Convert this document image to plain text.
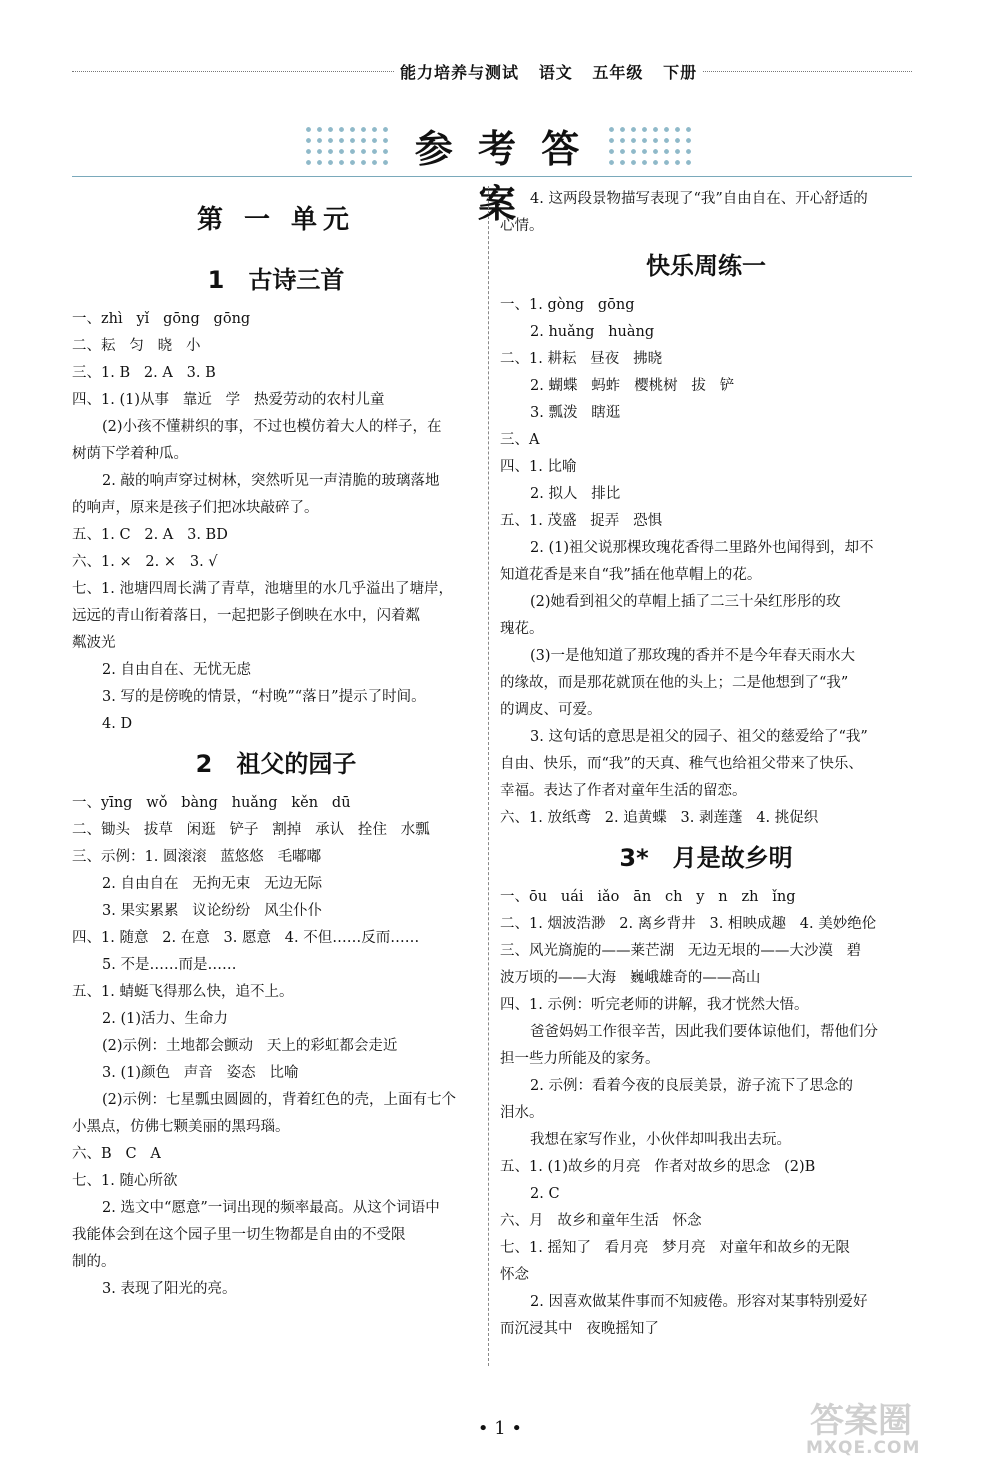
能力培养与测试   语文   五年级   下册
参 考 答 案
第 一 单元
1　古诗三首

一、zhì   yǐ   gōng   gōng

二、耘   匀   晓   小

三、1. B   2. A   3. B

四、1. (1)从事   靠近   学   热爱劳动的农村儿童

(2)小孩不懂耕织的事，不过也模仿着大人的样子，在

树荫下学着种瓜。

2. 敲的响声穿过树林，突然听见一声清脆的玻璃落地

的响声，原来是孩子们把冰块敲碎了。

五、1. C   2. A   3. BD

六、1. ×   2. ×   3. √

七、1. 池塘四周长满了青草，池塘里的水几乎溢出了塘岸，

远远的青山衔着落日，一起把影子倒映在水中，闪着粼

粼波光

2. 自由自在、无忧无虑

3. 写的是傍晚的情景，“村晚”“落日”提示了时间。

4. D

2　祖父的园子

一、yīng   wǒ   bàng   huǎng   kěn   dū

二、锄头   拔草   闲逛   铲子   割掉   承认   拴住   水瓢

三、示例：1. 圆滚滚   蓝悠悠   毛嘟嘟

2. 自由自在   无拘无束   无边无际

3. 果实累累   议论纷纷   风尘仆仆

四、1. 随意   2. 在意   3. 愿意   4. 不但……反而……

5. 不是……而是……

五、1. 蜻蜓飞得那么快，追不上。

2. (1)活力、生命力

(2)示例：土地都会颤动   天上的彩虹都会走近

3. (1)颜色   声音   姿态   比喻

(2)示例：七星瓢虫圆圆的，背着红色的壳，上面有七个

小黑点，仿佛七颗美丽的黑玛瑙。

六、B   C   A

七、1. 随心所欲

2. 选文中“愿意”一词出现的频率最高。从这个词语中

我能体会到在这个园子里一切生物都是自由的不受限

制的。

3. 表现了阳光的亮。

4. 这两段景物描写表现了“我”自由自在、开心舒适的

心情。

快乐周练一

一、1. gòng   gōng

2. huǎng   huàng

二、1. 耕耘   昼夜   拂晓

2. 蝴蝶   蚂蚱   樱桃树   拔   铲

3. 瓢泼   瞎逛

三、A

四、1. 比喻

2. 拟人   排比

五、1. 茂盛   捉弄   恐惧

2. (1)祖父说那棵玫瑰花香得二里路外也闻得到，却不

知道花香是来自“我”插在他草帽上的花。

(2)她看到祖父的草帽上插了二三十朵红彤彤的玫

瑰花。

(3)一是他知道了那玫瑰的香并不是今年春天雨水大

的缘故，而是那花就顶在他的头上；二是他想到了“我”

的调皮、可爱。

3. 这句话的意思是祖父的园子、祖父的慈爱给了“我”

自由、快乐，而“我”的天真、稚气也给祖父带来了快乐、

幸福。表达了作者对童年生活的留恋。

六、1. 放纸鸢   2. 追黄蝶   3. 剥莲蓬   4. 挑促织

3*　月是故乡明

一、ōu   uái   iǎo   ān   ch   y   n   zh   ǐng

二、1. 烟波浩渺   2. 离乡背井   3. 相映成趣   4. 美妙绝伦

三、风光旖旎的——莱芒湖   无边无垠的——大沙漠   碧

波万顷的——大海   巍峨雄奇的——高山

四、1. 示例：听完老师的讲解，我才恍然大悟。

爸爸妈妈工作很辛苦，因此我们要体谅他们，帮他们分

担一些力所能及的家务。

2. 示例：看着今夜的良辰美景，游子流下了思念的

泪水。

我想在家写作业，小伙伴却叫我出去玩。

五、1. (1)故乡的月亮   作者对故乡的思念   (2)B

2. C

六、月   故乡和童年生活   怀念

七、1. 摇知了   看月亮   梦月亮   对童年和故乡的无限

怀念

2. 因喜欢做某件事而不知疲倦。形容对某事特别爱好

而沉浸其中   夜晚摇知了

• 1 •	答案圈
MXQE.COM
